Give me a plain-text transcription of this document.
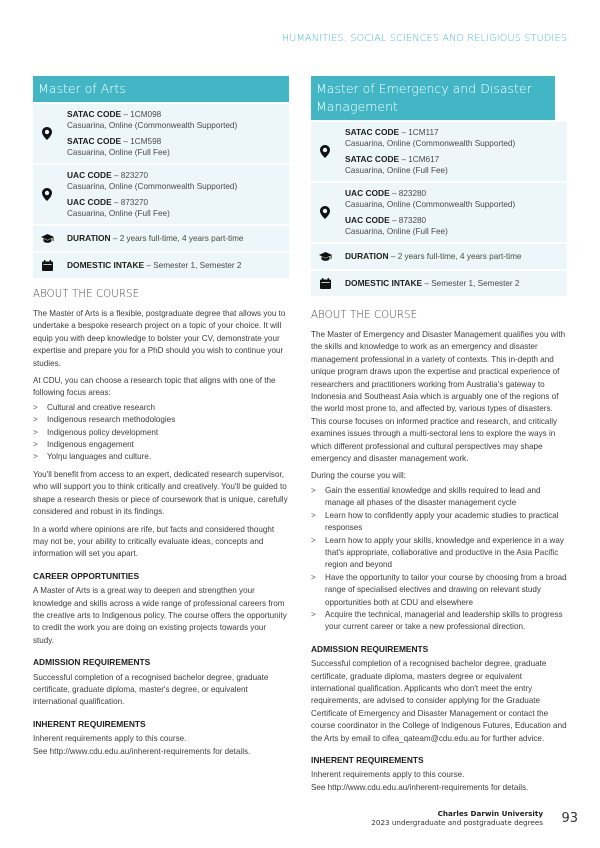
HUMANITIES, SOCIAL SCIENCES AND RELIGIOUS STUDIES
Master of Arts
SATAC CODE – 1CM098
Casuarina, Online (Commonwealth Supported)
SATAC CODE – 1CM598
Casuarina, Online (Full Fee)
UAC CODE – 823270
Casuarina, Online (Commonwealth Supported)
UAC CODE – 873270
Casuarina, Online (Full Fee)
DURATION – 2 years full-time, 4 years part-time
DOMESTIC INTAKE – Semester 1, Semester 2
ABOUT THE COURSE
The Master of Arts is a flexible, postgraduate degree that allows you to undertake a bespoke research project on a topic of your choice. It will equip you with deep knowledge to bolster your CV, demonstrate your expertise and prepare you for a PhD should you wish to continue your studies.
At CDU, you can choose a research topic that aligns with one of the following focus areas:
> Cultural and creative research
> Indigenous research methodologies
> Indigenous policy development
> Indigenous engagement
> Yolŋu languages and culture.
You'll benefit from access to an expert, dedicated research supervisor, who will support you to think critically and creatively. You'll be guided to shape a research thesis or piece of coursework that is unique, carefully considered and robust in its findings.
In a world where opinions are rife, but facts and considered thought may not be, your ability to critically evaluate ideas, concepts and information will set you apart.
CAREER OPPORTUNITIES
A Master of Arts is a great way to deepen and strengthen your knowledge and skills across a wide range of professional careers from the creative arts to Indigenous policy. The course offers the opportunity to credit the work you are doing on existing projects towards your study.
ADMISSION REQUIREMENTS
Successful completion of a recognised bachelor degree, graduate certificate, graduate diploma, master's degree, or equivalent international qualification.
INHERENT REQUIREMENTS
Inherent requirements apply to this course.
See http://www.cdu.edu.au/inherent-requirements for details.
Master of Emergency and Disaster Management
SATAC CODE – 1CM117
Casuarina, Online (Commonwealth Supported)
SATAC CODE – 1CM617
Casuarina, Online (Full Fee)
UAC CODE – 823280
Casuarina, Online (Commonwealth Supported)
UAC CODE – 873280
Casuarina, Online (Full Fee)
DURATION – 2 years full-time, 4 years part-time
DOMESTIC INTAKE – Semester 1, Semester 2
ABOUT THE COURSE
The Master of Emergency and Disaster Management qualifies you with the skills and knowledge to work as an emergency and disaster management professional in a variety of contexts. This in-depth and unique program draws upon the expertise and practical experience of researchers and practitioners working from Australia's gateway to Indonesia and Southeast Asia which is arguably one of the regions of the world most prone to, and affected by, various types of disasters. This course focuses on informed practice and research, and critically examines issues through a multi-sectoral lens to explore the ways in which different professional and cultural perspectives may shape emergency and disaster management work.
During the course you will:
> Gain the essential knowledge and skills required to lead and manage all phases of the disaster management cycle
> Learn how to confidently apply your academic studies to practical responses
> Learn how to apply your skills, knowledge and experience in a way that's appropriate, collaborative and productive in the Asia Pacific region and beyond
> Have the opportunity to tailor your course by choosing from a broad range of specialised electives and drawing on relevant study opportunities both at CDU and elsewhere
> Acquire the technical, managerial and leadership skills to progress your current career or take a new professional direction.
ADMISSION REQUIREMENTS
Successful completion of a recognised bachelor degree, graduate certificate, graduate diploma, masters degree or equivalent international qualification. Applicants who don't meet the entry requirements, are advised to consider applying for the Graduate Certificate of Emergency and Disaster Management or contact the course coordinator in the College of Indigenous Futures, Education and the Arts by email to cifea_qateam@cdu.edu.au for further advice.
INHERENT REQUIREMENTS
Inherent requirements apply to this course.
See http://www.cdu.edu.au/inherent-requirements for details.
Charles Darwin University
2023 undergraduate and postgraduate degrees 93
